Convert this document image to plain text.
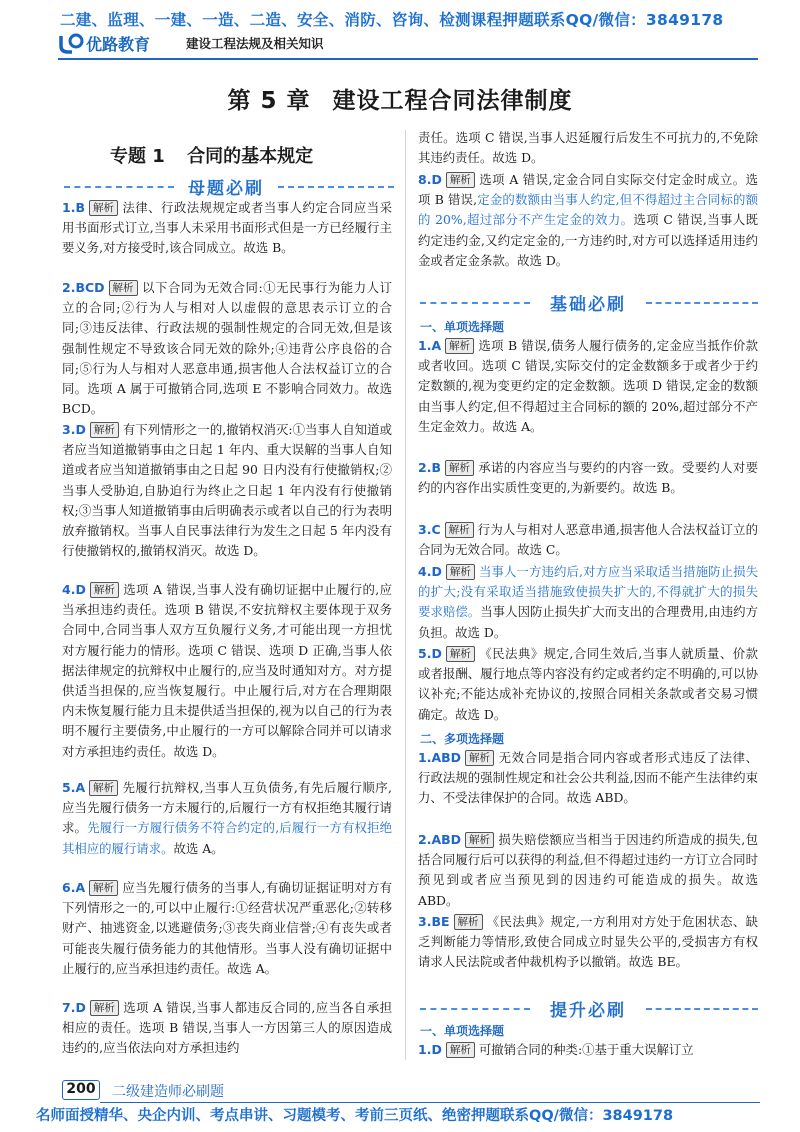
二建、监理、一建、一造、二造、安全、消防、咨询、检测课程押题联系QQ/微信：3849178
优路教育	建设工程法规及相关知识
第 5 章 建设工程合同法律制度
专题 1 合同的基本规定
母题必刷
1.B 解析 法律、行政法规规定或者当事人约定合同应当采用书面形式订立,当事人未采用书面形式但是一方已经履行主要义务,对方接受时,该合同成立。故选 B。
2.BCD 解析 以下合同为无效合同:①无民事行为能力人订立的合同;②行为人与相对人以虚假的意思表示订立的合同;③违反法律、行政法规的强制性规定的合同无效,但是该强制性规定不导致该合同无效的除外;④违背公序良俗的合同;⑤行为人与相对人恶意串通,损害他人合法权益订立的合同。选项 A 属于可撤销合同,选项 E 不影响合同效力。故选 BCD。
3.D 解析 有下列情形之一的,撤销权消灭:①当事人自知道或者应当知道撤销事由之日起 1 年内、重大误解的当事人自知道或者应当知道撤销事由之日起 90 日内没有行使撤销权;②当事人受胁迫,自胁迫行为终止之日起 1 年内没有行使撤销权;③当事人知道撤销事由后明确表示或者以自己的行为表明放弃撤销权。当事人自民事法律行为发生之日起 5 年内没有行使撤销权的,撤销权消灭。故选 D。
4.D 解析 选项 A 错误,当事人没有确切证据中止履行的,应当承担违约责任。选项 B 错误,不安抗辩权主要体现于双务合同中,合同当事人双方互负履行义务,才可能出现一方担忧对方履行能力的情形。选项 C 错误、选项 D 正确,当事人依据法律规定的抗辩权中止履行的,应当及时通知对方。对方提供适当担保的,应当恢复履行。中止履行后,对方在合理期限内未恢复履行能力且未提供适当担保的,视为以自己的行为表明不履行主要债务,中止履行的一方可以解除合同并可以请求对方承担违约责任。故选 D。
5.A 解析 先履行抗辩权,当事人互负债务,有先后履行顺序,应当先履行债务一方未履行的,后履行一方有权拒绝其履行请求。先履行一方履行债务不符合约定的,后履行一方有权拒绝其相应的履行请求。故选 A。
6.A 解析 应当先履行债务的当事人,有确切证据证明对方有下列情形之一的,可以中止履行:①经营状况严重恶化;②转移财产、抽逃资金,以逃避债务;③丧失商业信誉;④有丧失或者可能丧失履行债务能力的其他情形。当事人没有确切证据中止履行的,应当承担违约责任。故选 A。
7.D 解析 选项 A 错误,当事人都违反合同的,应当各自承担相应的责任。选项 B 错误,当事人一方因第三人的原因造成违约的,应当依法向对方承担违约
责任。选项 C 错误,当事人迟延履行后发生不可抗力的,不免除其违约责任。故选 D。
8.D 解析 选项 A 错误,定金合同自实际交付定金时成立。选项 B 错误,定金的数额由当事人约定,但不得超过主合同标的额的 20%,超过部分不产生定金的效力。选项 C 错误,当事人既约定违约金,又约定定金的,一方违约时,对方可以选择适用违约金或者定金条款。故选 D。
基础必刷
一、单项选择题
1.A 解析 选项 B 错误,债务人履行债务的,定金应当抵作价款或者收回。选项 C 错误,实际交付的定金数额多于或者少于约定数额的,视为变更约定的定金数额。选项 D 错误,定金的数额由当事人约定,但不得超过主合同标的额的 20%,超过部分不产生定金效力。故选 A。
2.B 解析 承诺的内容应当与要约的内容一致。受要约人对要约的内容作出实质性变更的,为新要约。故选 B。
3.C 解析 行为人与相对人恶意串通,损害他人合法权益订立的合同为无效合同。故选 C。
4.D 解析 当事人一方违约后,对方应当采取适当措施防止损失的扩大;没有采取适当措施致使损失扩大的,不得就扩大的损失要求赔偿。当事人因防止损失扩大而支出的合理费用,由违约方负担。故选 D。
5.D 解析 《民法典》规定,合同生效后,当事人就质量、价款或者报酬、履行地点等内容没有约定或者约定不明确的,可以协议补充;不能达成补充协议的,按照合同相关条款或者交易习惯确定。故选 D。
二、多项选择题
1.ABD 解析 无效合同是指合同内容或者形式违反了法律、行政法规的强制性规定和社会公共利益,因而不能产生法律约束力、不受法律保护的合同。故选 ABD。
2.ABD 解析 损失赔偿额应当相当于因违约所造成的损失,包括合同履行后可以获得的利益,但不得超过违约一方订立合同时预见到或者应当预见到的因违约可能造成的损失。故选 ABD。
3.BE 解析 《民法典》规定,一方利用对方处于危困状态、缺乏判断能力等情形,致使合同成立时显失公平的,受损害方有权请求人民法院或者仲裁机构予以撤销。故选 BE。
提升必刷
一、单项选择题
1.D 解析 可撤销合同的种类:①基于重大误解订立
200	二级建造师必刷题
名师面授精华、央企内训、考点串讲、习题模考、考前三页纸、绝密押题联系QQ/微信：3849178
